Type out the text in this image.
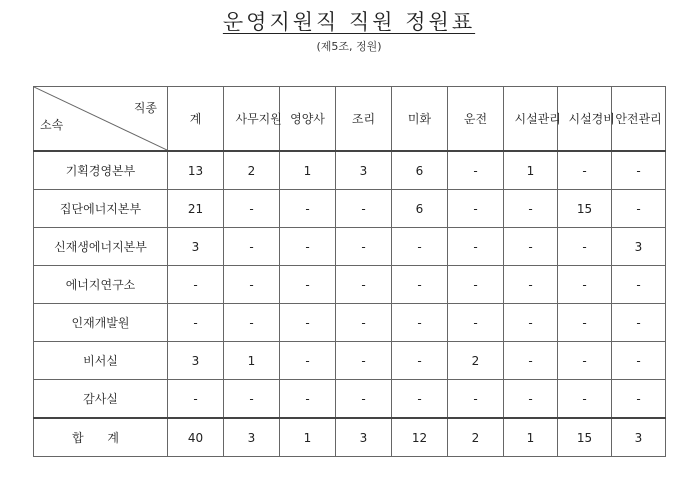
운영지원직 직원 정원표
(제5조, 정원)
직종
소속	계	사무지원	영양사	조리	미화	운전	시설관리	시설경비	안전관리
기획경영본부	13	2	1	3	6	-	1	-	-
집단에너지본부	21	-	-	-	6	-	-	15	-
신재생에너지본부	3	-	-	-	-	-	-	-	3
에너지연구소	-	-	-	-	-	-	-	-	-
인재개발원	-	-	-	-	-	-	-	-	-
비서실	3	1	-	-	-	2	-	-	-
감사실	-	-	-	-	-	-	-	-	-
합 계	40	3	1	3	12	2	1	15	3
